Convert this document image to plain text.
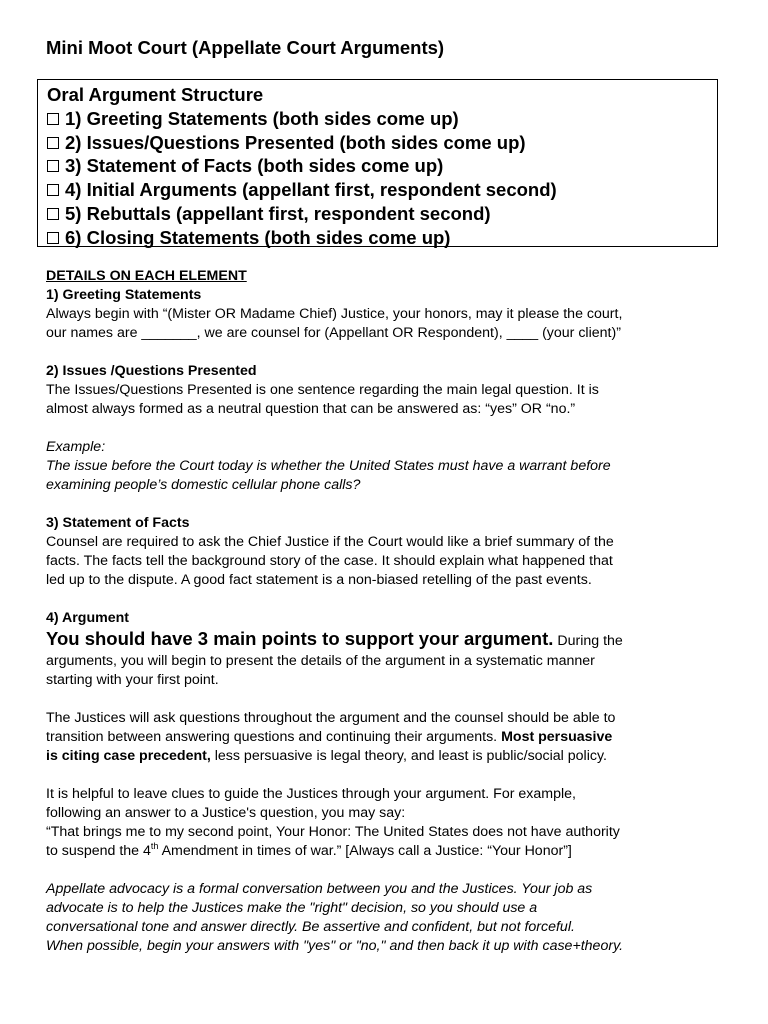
Mini Moot Court (Appellate Court Arguments)
Oral Argument Structure
1) Greeting Statements (both sides come up)
2) Issues/Questions Presented (both sides come up)
3) Statement of Facts (both sides come up)
4) Initial Arguments (appellant first, respondent second)
5) Rebuttals (appellant first, respondent second)
6) Closing Statements (both sides come up)

DETAILS ON EACH ELEMENT

1) Greeting Statements

Always begin with “(Mister OR Madame Chief) Justice, your honors, may it please the court,

our names are _______, we are counsel for (Appellant OR Respondent), ____ (your client)”

2) Issues /Questions Presented

The Issues/Questions Presented is one sentence regarding the main legal question. It is

almost always formed as a neutral question that can be answered as: “yes” OR “no.”

Example:

The issue before the Court today is whether the United States must have a warrant before

examining people’s domestic cellular phone calls?

3) Statement of Facts

Counsel are required to ask the Chief Justice if the Court would like a brief summary of the

facts. The facts tell the background story of the case. It should explain what happened that

led up to the dispute. A good fact statement is a non-biased retelling of the past events.

4) Argument

You should have 3 main points to support your argument. During the

arguments, you will begin to present the details of the argument in a systematic manner

starting with your first point.

The Justices will ask questions throughout the argument and the counsel should be able to

transition between answering questions and continuing their arguments. Most persuasive

is citing case precedent, less persuasive is legal theory, and least is public/social policy.

It is helpful to leave clues to guide the Justices through your argument. For example,

following an answer to a Justice's question, you may say:

“That brings me to my second point, Your Honor: The United States does not have authority

to suspend the 4th Amendment in times of war.” [Always call a Justice: “Your Honor”]

Appellate advocacy is a formal conversation between you and the Justices. Your job as

advocate is to help the Justices make the "right" decision, so you should use a

conversational tone and answer directly. Be assertive and confident, but not forceful.

When possible, begin your answers with "yes" or "no," and then back it up with case+theory.
